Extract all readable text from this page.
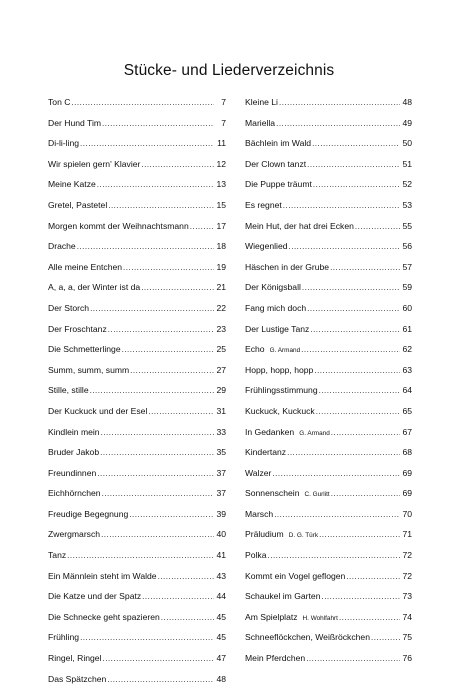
Stücke- und Liederverzeichnis
Ton C .....	7
Der Hund Tim .....	7
Di-li-ling .....	11
Wir spielen gern' Klavier .....	12
Meine Katze .....	13
Gretel, Pastetel .....	15
Morgen kommt der Weihnachtsmann .....	17
Drache .....	18
Alle meine Entchen .....	19
A, a, a, der Winter ist da .....	21
Der Storch .....	22
Der Froschtanz .....	23
Die Schmetterlinge .....	25
Summ, summ, summ .....	27
Stille, stille .....	29
Der Kuckuck und der Esel .....	31
Kindlein mein .....	33
Bruder Jakob .....	35
Freundinnen .....	37
Eichhörnchen .....	37
Freudige Begegnung .....	39
Zwergmarsch .....	40
Tanz .....	41
Ein Männlein steht im Walde .....	43
Die Katze und der Spatz .....	44
Die Schnecke geht spazieren .....	45
Frühling .....	45
Ringel, Ringel .....	47
Das Spätzchen .....	48
Kleine Li .....	48
Mariella .....	49
Bächlein im Wald .....	50
Der Clown tanzt .....	51
Die Puppe träumt .....	52
Es regnet .....	53
Mein Hut, der hat drei Ecken .....	55
Wiegenlied .....	56
Häschen in der Grube .....	57
Der Königsball .....	59
Fang mich doch .....	60
Der Lustige Tanz .....	61
Echo G. Armand .....	62
Hopp, hopp, hopp .....	63
Frühlingsstimmung .....	64
Kuckuck, Kuckuck .....	65
In Gedanken G. Armand .....	67
Kindertanz .....	68
Walzer .....	69
Sonnenschein C. Gurlitt .....	69
Marsch .....	70
Präludium D. G. Türk .....	71
Polka .....	72
Kommt ein Vogel geflogen .....	72
Schaukel im Garten .....	73
Am Spielplatz H. Wohlfahrt .....	74
Schneeflöckchen, Weißröckchen .....	75
Mein Pferdchen .....	76
